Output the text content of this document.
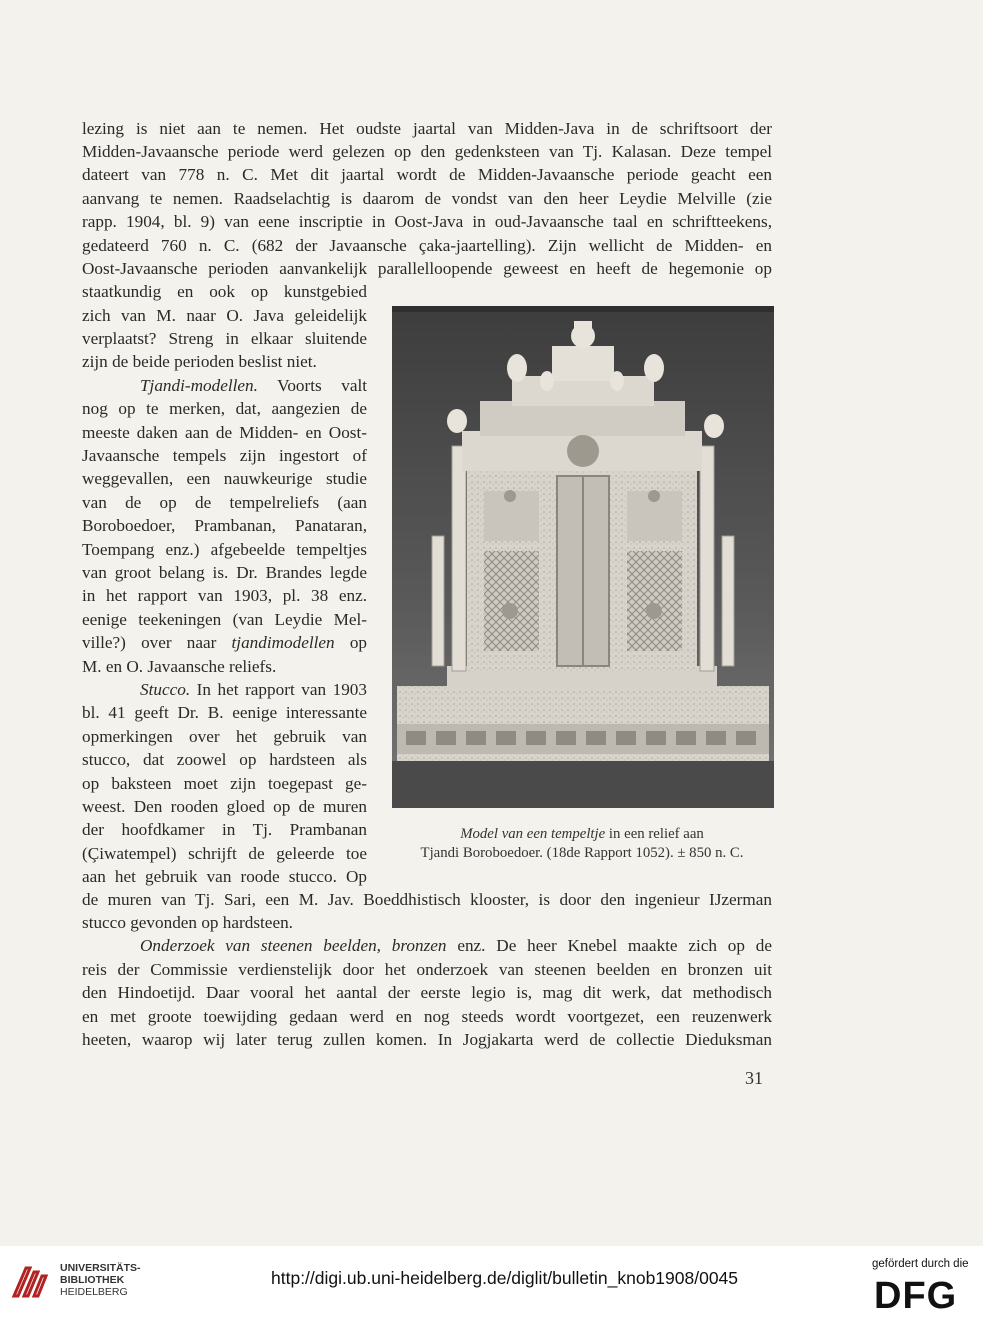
lezing is niet aan te nemen. Het oudste jaartal van Midden-Java in de schriftsoort der
Midden-Javaansche periode werd gelezen op den gedenksteen van Tj. Kalasan. Deze tempel
dateert van 778 n. C. Met dit jaartal wordt de Midden-Javaansche periode geacht een
aanvang te nemen. Raadselachtig is daarom de vondst van den heer Leydie Melville (zie
rapp. 1904, bl. 9) van eene inscriptie in Oost-Java in oud-Javaansche taal en schriftteekens,
gedateerd 760 n. C. (682 der Javaansche çaka-jaartelling). Zijn wellicht de Midden- en
Oost-Javaansche perioden aanvankelijk parallelloopende geweest en heeft de hegemonie op
staatkundig en ook op kunstgebied
zich van M. naar O. Java geleidelijk
verplaatst? Streng in elkaar sluitende
zijn de beide perioden beslist niet.
Tjandi-modellen. Voorts valt
nog op te merken, dat, aangezien de
meeste daken aan de Midden- en Oost-
Javaansche tempels zijn ingestort of
weggevallen, een nauwkeurige studie
van de op de tempelreliefs (aan
Boroboedoer, Prambanan, Panataran,
Toempang enz.) afgebeelde tempeltjes
van groot belang is. Dr. Brandes legde
in het rapport van 1903, pl. 38 enz.
eenige teekeningen (van Leydie Mel-
ville?) over naar tjandimodellen op
M. en O. Javaansche reliefs.
Stucco. In het rapport van 1903
bl. 41 geeft Dr. B. eenige interessante
opmerkingen over het gebruik van
stucco, dat zoowel op hardsteen als
op baksteen moet zijn toegepast ge-
weest. Den rooden gloed op de muren
der hoofdkamer in Tj. Prambanan
(Çiwatempel) schrijft de geleerde toe
aan het gebruik van roode stucco. Op
Model van een tempeltje in een relief aan
Tjandi Boroboedoer. (18de Rapport 1052). ± 850 n. C.
de muren van Tj. Sari, een M. Jav. Boeddhistisch klooster, is door den ingenieur IJzerman
stucco gevonden op hardsteen.
Onderzoek van steenen beelden, bronzen enz. De heer Knebel maakte zich op de
reis der Commissie verdienstelijk door het onderzoek van steenen beelden en bronzen uit
den Hindoetijd. Daar vooral het aantal der eerste legio is, mag dit werk, dat methodisch
en met groote toewijding gedaan werd en nog steeds wordt voortgezet, een reuzenwerk
heeten, waarop wij later terug zullen komen. In Jogjakarta werd de collectie Dieduksman
31
UNIVERSITÄTS-
BIBLIOTHEK
HEIDELBERG
http://digi.ub.uni-heidelberg.de/diglit/bulletin_knob1908/0045
gefördert durch die
DFG
